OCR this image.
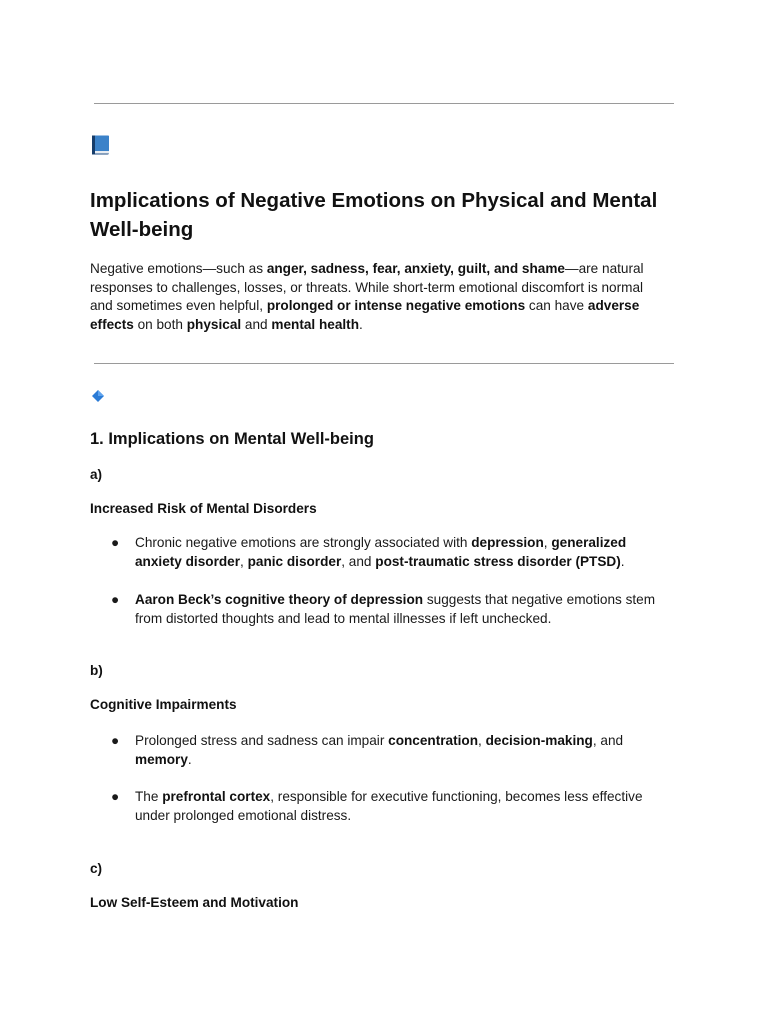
Implications of Negative Emotions on Physical and Mental Well-being

Negative emotions—such as anger, sadness, fear, anxiety, guilt, and shame—are natural responses to challenges, losses, or threats. While short-term emotional discomfort is normal and sometimes even helpful, prolonged or intense negative emotions can have adverse effects on both physical and mental health.

1. Implications on Mental Well-being
a)
Increased Risk of Mental Disorders
● Chronic negative emotions are strongly associated with depression, generalized anxiety disorder, panic disorder, and post-traumatic stress disorder (PTSD).

● Aaron Beck’s cognitive theory of depression suggests that negative emotions stem from distorted thoughts and lead to mental illnesses if left unchecked.

b)
Cognitive Impairments
● Prolonged stress and sadness can impair concentration, decision-making, and memory.

● The prefrontal cortex, responsible for executive functioning, becomes less effective under prolonged emotional distress.

c)
Low Self-Esteem and Motivation
